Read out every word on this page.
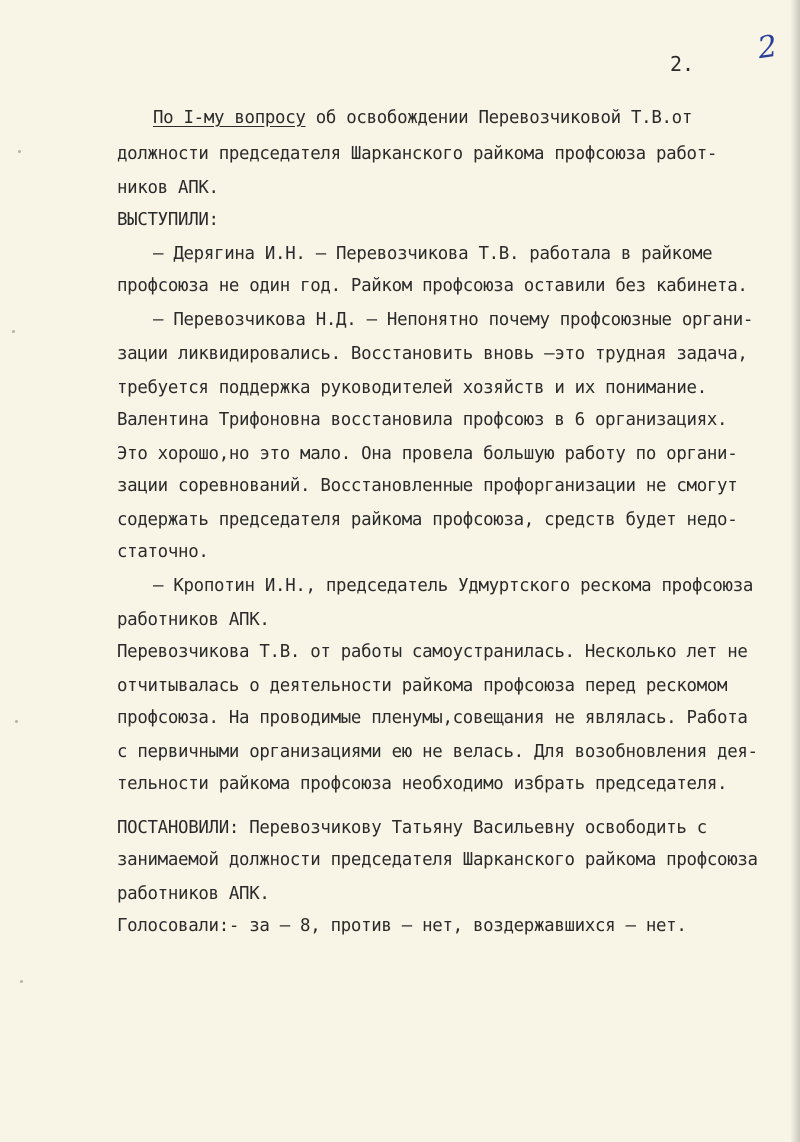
2
2.
По I-му вопросу об освобождении Перевозчиковой Т.В.от
должности председателя Шарканского райкома профсоюза работ-
ников АПК.
ВЫСТУПИЛИ:
– Дерягина И.Н. – Перевозчикова Т.В. работала в райкоме
профсоюза не один год. Райком профсоюза оставили без кабинета.
– Перевозчикова Н.Д. – Непонятно почему профсоюзные органи-
зации ликвидировались. Восстановить вновь –это трудная задача,
требуется поддержка руководителей хозяйств и их понимание.
Валентина Трифоновна восстановила профсоюз в 6 организациях.
Это хорошо,но это мало. Она провела большую работу по органи-
зации соревнований. Восстановленные профорганизации не смогут
содержать председателя райкома профсоюза, средств будет недо-
статочно.
– Кропотин И.Н., председатель Удмуртского рескома профсоюза
работников АПК.
Перевозчикова Т.В. от работы самоустранилась. Несколько лет не
отчитывалась о деятельности райкома профсоюза перед рескомом
профсоюза. На проводимые пленумы,совещания не являлась. Работа
с первичными организациями ею не велась. Для возобновления дея-
тельности райкома профсоюза необходимо избрать председателя.
ПОСТАНОВИЛИ: Перевозчикову Татьяну Васильевну освободить с
занимаемой должности председателя Шарканского райкома профсоюза
работников АПК.
Голосовали:- за – 8, против – нет, воздержавшихся – нет.
